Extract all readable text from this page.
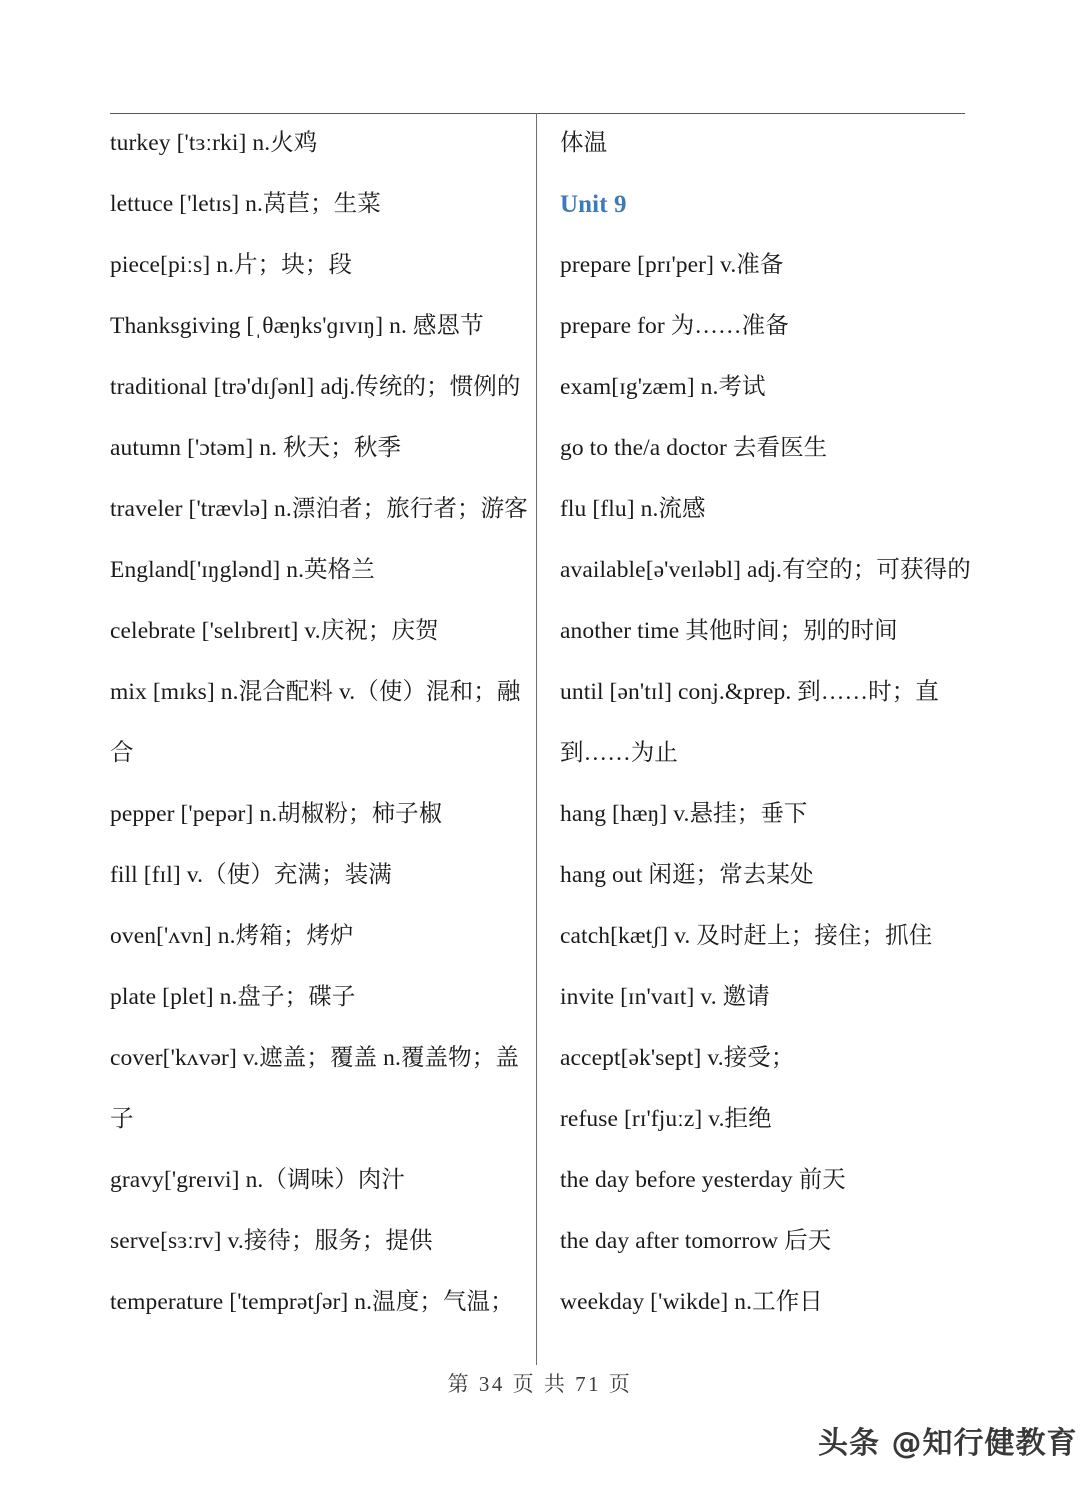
turkey ['tɜːrki] n.火鸡
lettuce ['letɪs] n.莴苣；生菜
piece[piːs] n.片；块；段
Thanksgiving [ˌθæŋks'ɡɪvɪŋ] n. 感恩节
traditional [trə'dɪʃənl] adj.传统的；惯例的
autumn ['ɔtəm] n. 秋天；秋季
traveler ['trævlə] n.漂泊者；旅行者；游客
England['ɪŋglənd] n.英格兰
celebrate ['selɪbreɪt] v.庆祝；庆贺
mix [mɪks] n.混合配料 v.（使）混和；融
合
pepper ['pepər] n.胡椒粉；柿子椒
fill [fɪl] v.（使）充满；装满
oven['ʌvn] n.烤箱；烤炉
plate [plet] n.盘子；碟子
cover['kʌvər] v.遮盖；覆盖 n.覆盖物；盖
子
gravy['greɪvi] n.（调味）肉汁
serve[sɜːrv] v.接待；服务；提供
temperature ['temprətʃər] n.温度；气温；
体温
Unit 9
prepare [prɪ'per] v.准备
prepare for 为……准备
exam[ɪg'zæm] n.考试
go to the/a doctor 去看医生
flu [flu] n.流感
available[ə'veɪləbl] adj.有空的；可获得的
another time 其他时间；别的时间
until [ən'tɪl] conj.&prep. 到……时；直
到……为止
hang [hæŋ] v.悬挂；垂下
hang out 闲逛；常去某处
catch[kætʃ] v. 及时赶上；接住；抓住
invite [ɪn'vaɪt] v. 邀请
accept[ək'sept] v.接受；
refuse [rɪ'fjuːz] v.拒绝
the day before yesterday 前天
the day after tomorrow 后天
weekday ['wikde] n.工作日
第 34 页 共 71 页
头条 @知行健教育
